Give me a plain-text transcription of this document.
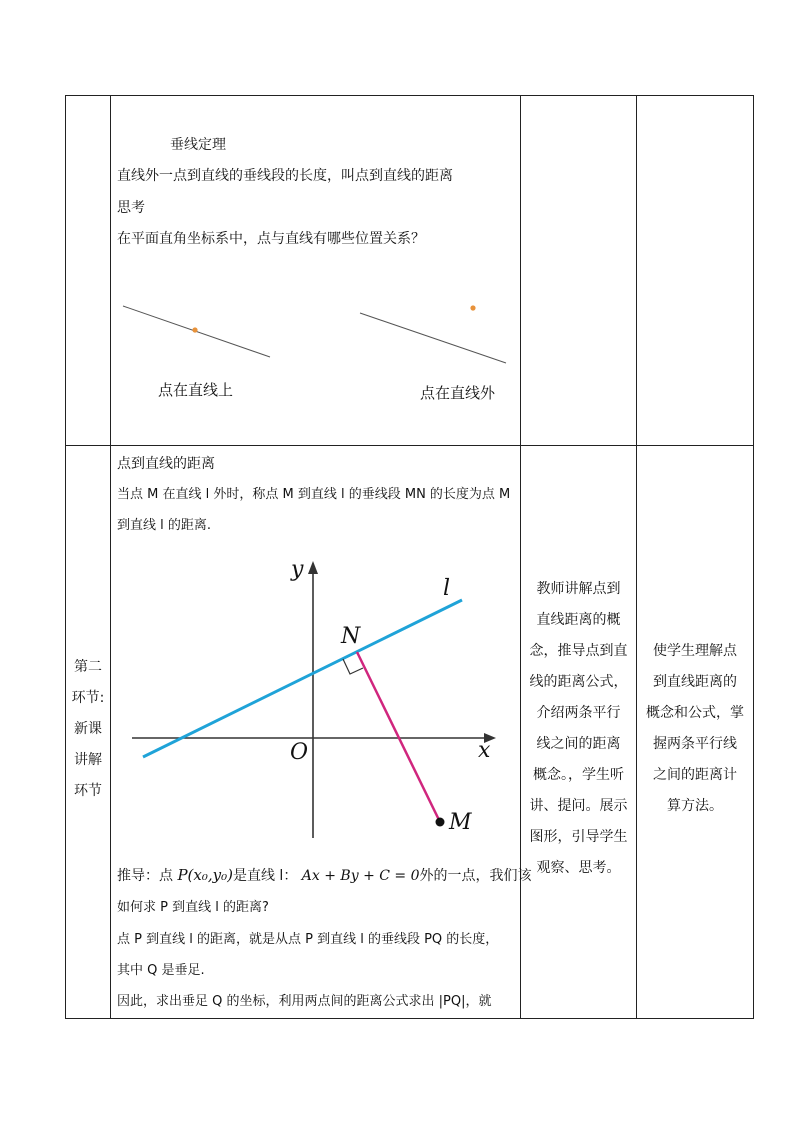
垂线定理
直线外一点到直线的垂线段的长度，叫点到直线的距离
思考
在平面直角坐标系中，点与直线有哪些位置关系？
点在直线上	点在直线外
第二
环节:
新课
讲解
环节
点到直线的距离
当点 M 在直线 l 外时，称点 M 到直线 l 的垂线段 MN 的长度为点 M
到直线 l 的距离.
y
x
O
l
N
M
推导：点 P(x₀,y₀)是直线 l： Ax + By + C = 0外的一点，我们该
如何求 P 到直线 l 的距离?
点 P 到直线 l 的距离，就是从点 P 到直线 l 的垂线段 PQ 的长度，
其中 Q 是垂足.
因此，求出垂足 Q 的坐标，利用两点间的距离公式求出 |PQ|，就
教师讲解点到
直线距离的概
念，推导点到直
线的距离公式，
介绍两条平行
线之间的距离
概念。，学生听
讲、提问。展示
图形，引导学生
观察、思考。
使学生理解点
到直线距离的
概念和公式，掌
握两条平行线
之间的距离计
算方法。
